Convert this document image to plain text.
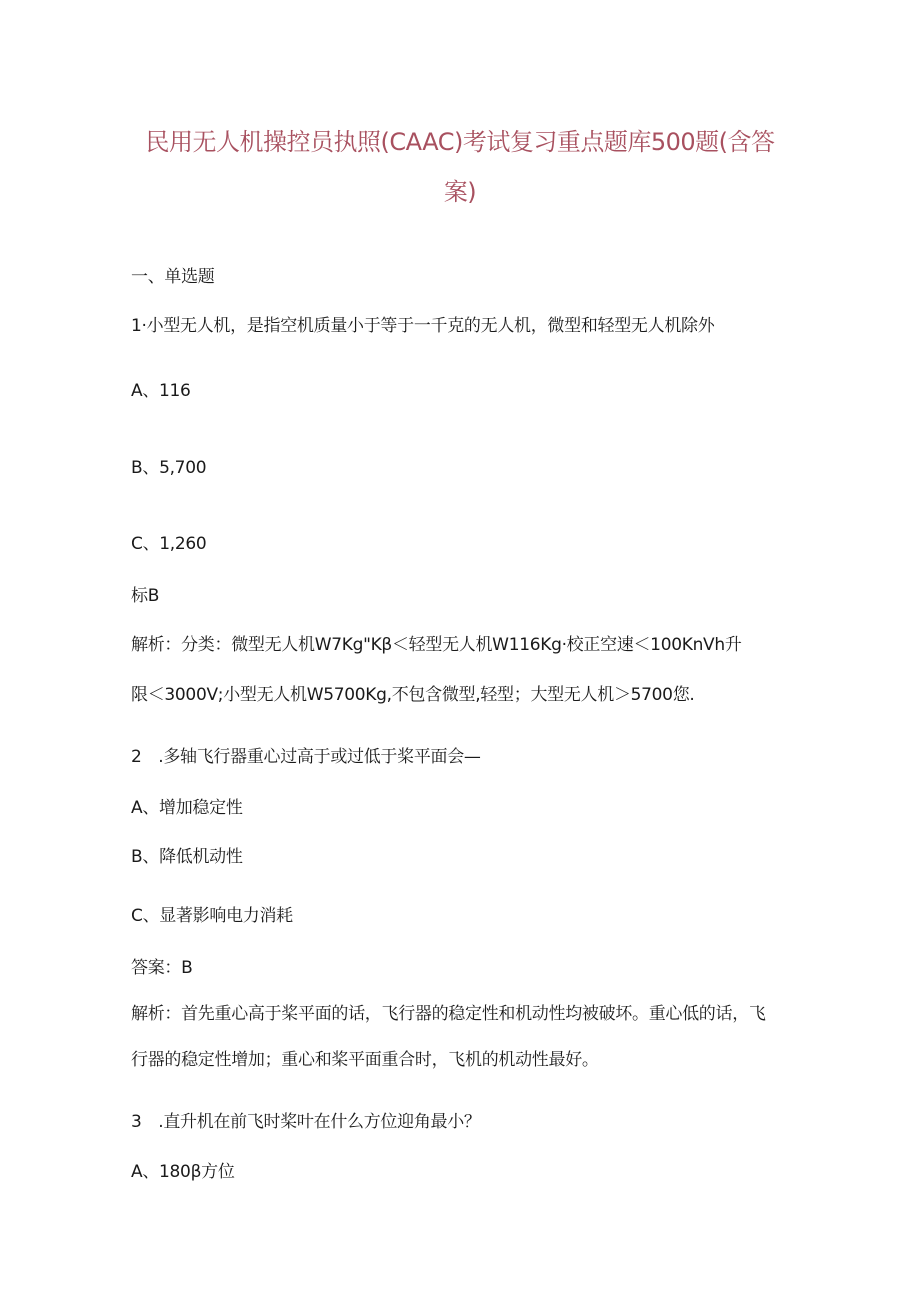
民用无人机操控员执照(CAAC)考试复习重点题库500题(含答
案)
一、单选题
1·小型无人机，是指空机质量小于等于一千克的无人机，微型和轻型无人机除外
A、116
B、5,700
C、1,260
标B
解析：分类：微型无人机W7Kg"Kβ＜轻型无人机W116Kg·校正空速＜100KnVh升
限＜3000V;小型无人机W5700Kg,不包含微型,轻型；大型无人机＞5700您.
2　.多轴飞行器重心过高于或过低于桨平面会—
A、增加稳定性
B、降低机动性
C、显著影响电力消耗
答案：B
解析：首先重心高于桨平面的话，飞行器的稳定性和机动性均被破坏。重心低的话，飞
行器的稳定性增加；重心和桨平面重合时，飞机的机动性最好。
3　.直升机在前飞时桨叶在什么方位迎角最小？
A、180β方位
